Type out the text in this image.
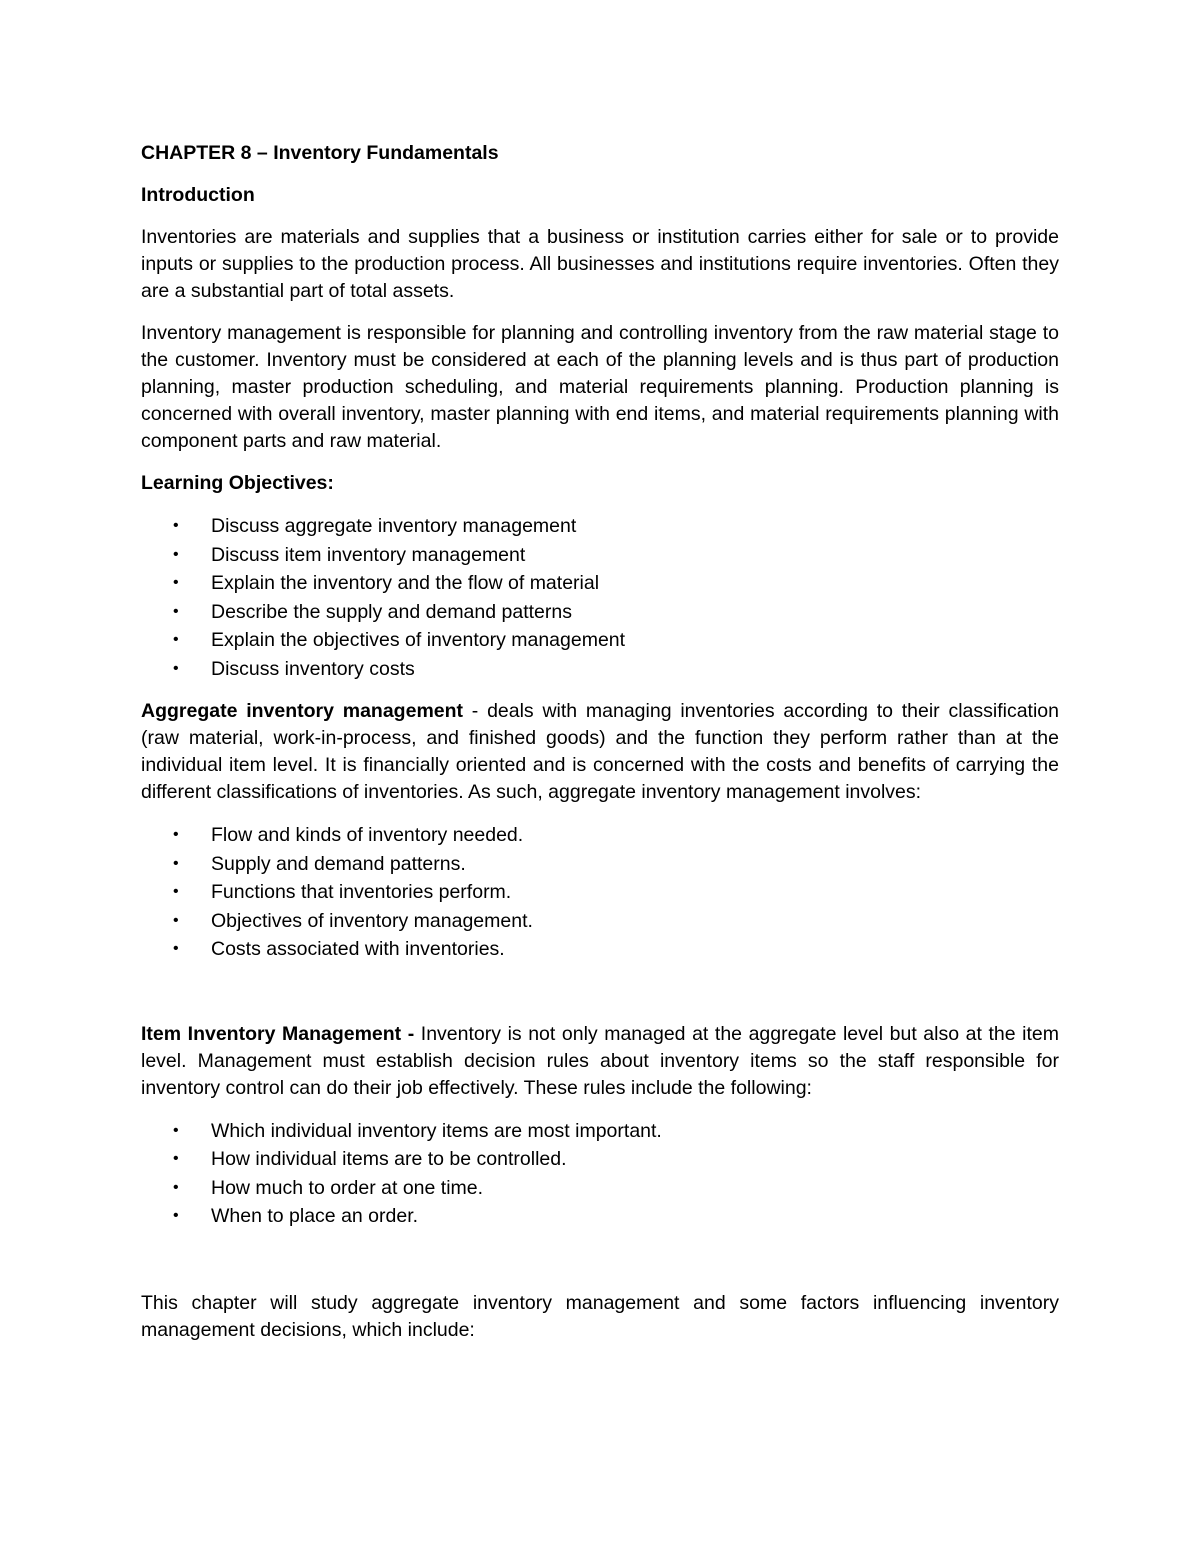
CHAPTER 8 – Inventory Fundamentals
Introduction

Inventories are materials and supplies that a business or institution carries either for sale or to provide inputs or supplies to the production process. All businesses and institutions require inventories. Often they are a substantial part of total assets.

Inventory management is responsible for planning and controlling inventory from the raw material stage to the customer. Inventory must be considered at each of the planning levels and is thus part of production planning, master production scheduling, and material requirements planning. Production planning is concerned with overall inventory, master planning with end items, and material requirements planning with component parts and raw material.

Learning Objectives:
• Discuss aggregate inventory management
• Discuss item inventory management
• Explain the inventory and the flow of material
• Describe the supply and demand patterns
• Explain the objectives of inventory management
• Discuss inventory costs

Aggregate inventory management - deals with managing inventories according to their classification (raw material, work-in-process, and finished goods) and the function they perform rather than at the individual item level. It is financially oriented and is concerned with the costs and benefits of carrying the different classifications of inventories. As such, aggregate inventory management involves:

• Flow and kinds of inventory needed.
• Supply and demand patterns.
• Functions that inventories perform.
• Objectives of inventory management.
• Costs associated with inventories.

Item Inventory Management - Inventory is not only managed at the aggregate level but also at the item level. Management must establish decision rules about inventory items so the staff responsible for inventory control can do their job effectively. These rules include the following:

• Which individual inventory items are most important.
• How individual items are to be controlled.
• How much to order at one time.
• When to place an order.

This chapter will study aggregate inventory management and some factors influencing inventory management decisions, which include:
